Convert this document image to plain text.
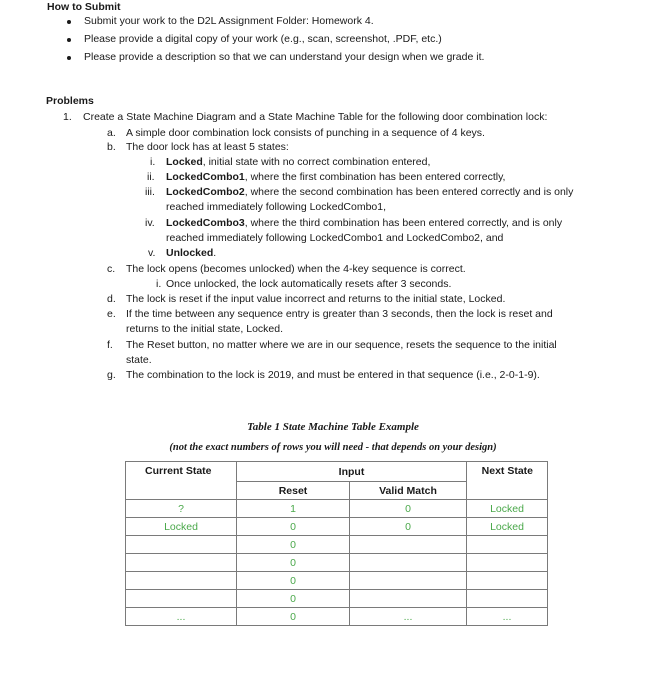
How to Submit
Submit your work to the D2L Assignment Folder: Homework 4.
Please provide a digital copy of your work (e.g., scan, screenshot, .PDF, etc.)
Please provide a description so that we can understand your design when we grade it.
Problems
1. Create a State Machine Diagram and a State Machine Table for the following door combination lock:
a. A simple door combination lock consists of punching in a sequence of 4 keys.
b. The door lock has at least 5 states:
i. Locked, initial state with no correct combination entered,
ii. LockedCombo1, where the first combination has been entered correctly,
iii. LockedCombo2, where the second combination has been entered correctly and is only
reached immediately following LockedCombo1,
iv. LockedCombo3, where the third combination has been entered correctly, and is only
reached immediately following LockedCombo1 and LockedCombo2, and
v. Unlocked.
c. The lock opens (becomes unlocked) when the 4-key sequence is correct.
i. Once unlocked, the lock automatically resets after 3 seconds.
d. The lock is reset if the input value incorrect and returns to the initial state, Locked.
e. If the time between any sequence entry is greater than 3 seconds, then the lock is reset and
returns to the initial state, Locked.
f. The Reset button, no matter where we are in our sequence, resets the sequence to the initial
state.
g. The combination to the lock is 2019, and must be entered in that sequence (i.e., 2-0-1-9).
Table 1 State Machine Table Example
(not the exact numbers of rows you will need - that depends on your design)
Current State	Input		Next State
	Reset	Valid Match	
?	1	0	Locked
Locked	0	0	Locked
	0		
	0		
	0		
	0		
...	0	...	...
